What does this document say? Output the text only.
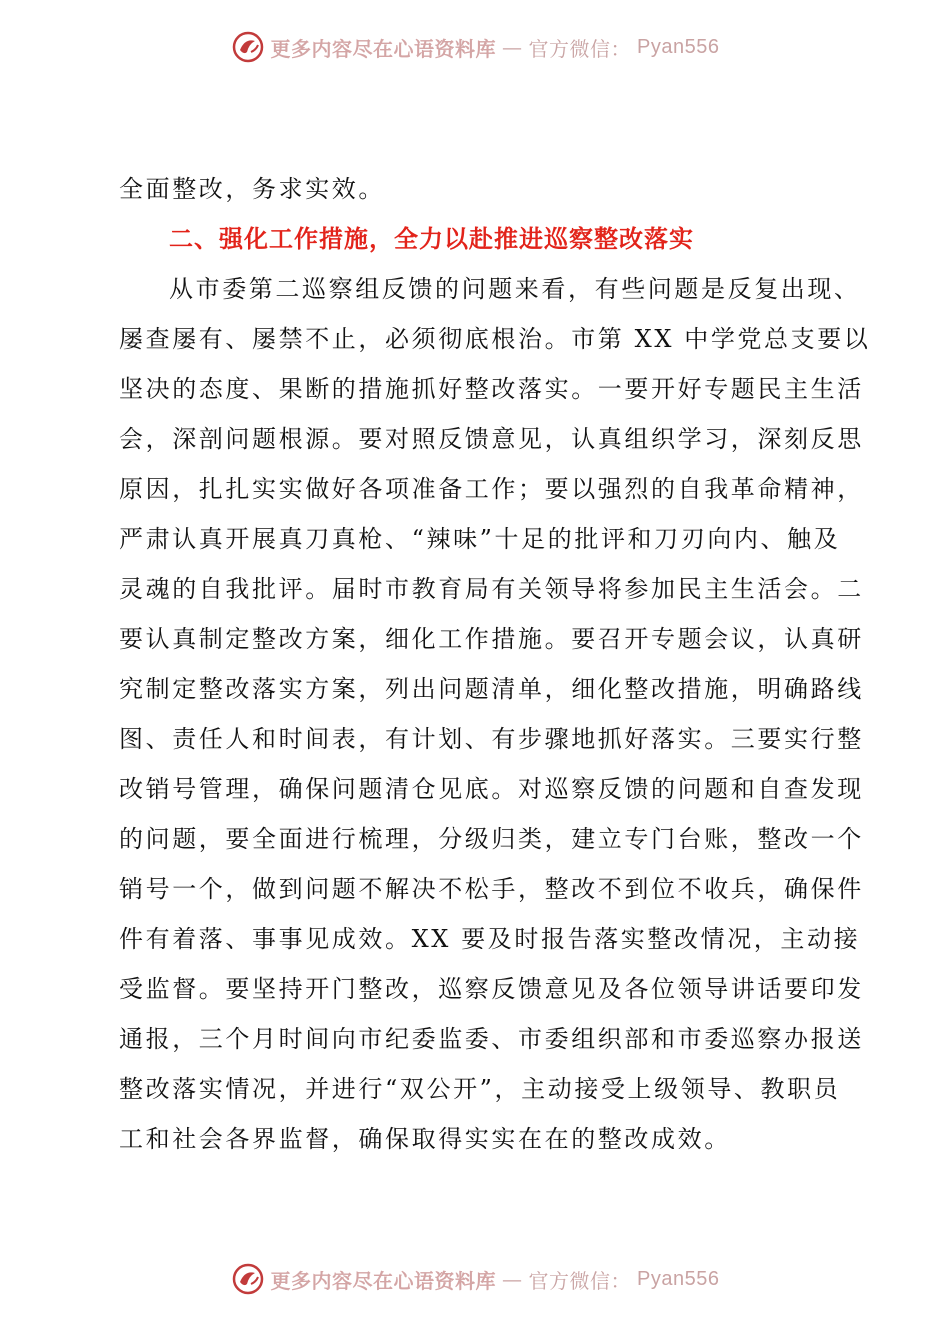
更多内容尽在心语资料库 — 官方微信： Pyan556
全面整改，务求实效。
二、强化工作措施，全力以赴推进巡察整改落实
从市委第二巡察组反馈的问题来看，有些问题是反复出现、
屡查屡有、屡禁不止，必须彻底根治。市第 XX 中学党总支要以
坚决的态度、果断的措施抓好整改落实。一要开好专题民主生活
会，深剖问题根源。要对照反馈意见，认真组织学习，深刻反思
原因，扎扎实实做好各项准备工作；要以强烈的自我革命精神，
严肃认真开展真刀真枪、“辣味”十足的批评和刀刃向内、触及
灵魂的自我批评。届时市教育局有关领导将参加民主生活会。二
要认真制定整改方案，细化工作措施。要召开专题会议，认真研
究制定整改落实方案，列出问题清单，细化整改措施，明确路线
图、责任人和时间表，有计划、有步骤地抓好落实。三要实行整
改销号管理，确保问题清仓见底。对巡察反馈的问题和自查发现
的问题，要全面进行梳理，分级归类，建立专门台账，整改一个
销号一个，做到问题不解决不松手，整改不到位不收兵，确保件
件有着落、事事见成效。XX 要及时报告落实整改情况，主动接
受监督。要坚持开门整改，巡察反馈意见及各位领导讲话要印发
通报，三个月时间向市纪委监委、市委组织部和市委巡察办报送
整改落实情况，并进行“双公开”，主动接受上级领导、教职员
工和社会各界监督，确保取得实实在在的整改成效。
更多内容尽在心语资料库 — 官方微信： Pyan556
